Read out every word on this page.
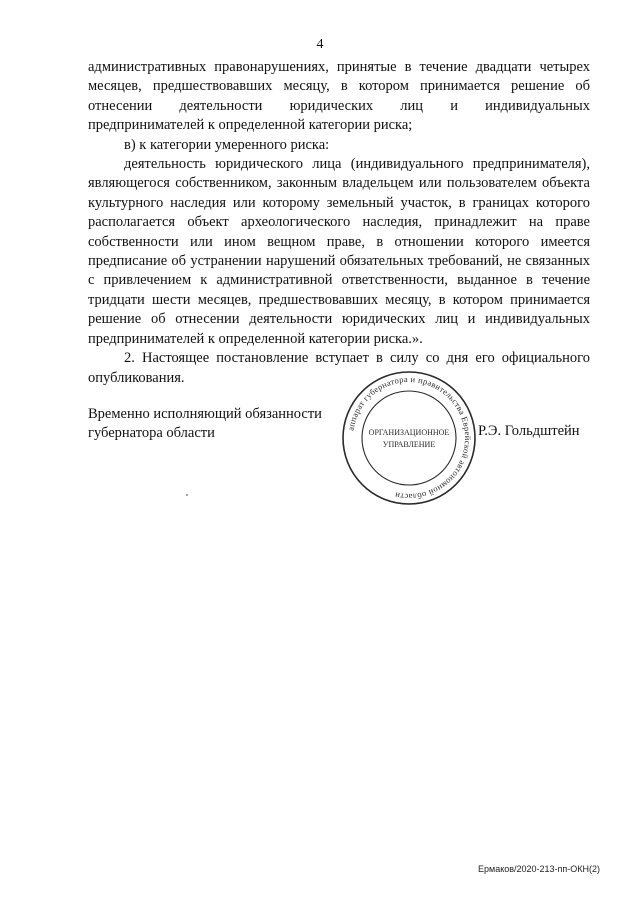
4

административных правонарушениях, принятые в течение двадцати четырех месяцев, предшествовавших месяцу, в котором принимается решение об отнесении деятельности юридических лиц и индивидуальных предпринимателей к определенной категории риска;

в) к категории умеренного риска:

деятельность юридического лица (индивидуального предпринимателя), являющегося собственником, законным владельцем или пользователем объекта культурного наследия или которому земельный участок, в границах которого располагается объект археологического наследия, принадлежит на праве собственности или ином вещном праве, в отношении которого имеется предписание об устранении нарушений обязательных требований, не связанных с привлечением к административной ответственности, выданное в течение тридцати шести месяцев, предшествовавших месяцу, в котором принимается решение об отнесении деятельности юридических лиц и индивидуальных предпринимателей к определенной категории риска.».

2. Настоящее постановление вступает в силу со дня его официального опубликования.

Временно исполняющий обязанности
губернатора области	аппарат губернатора и правительства Еврейской автономной области
ОРГАНИЗАЦИОННОЕ
УПРАВЛЕНИЕ
Р.Э. Гольдштейн
Ермаков/2020-213-пп-ОКН(2)
